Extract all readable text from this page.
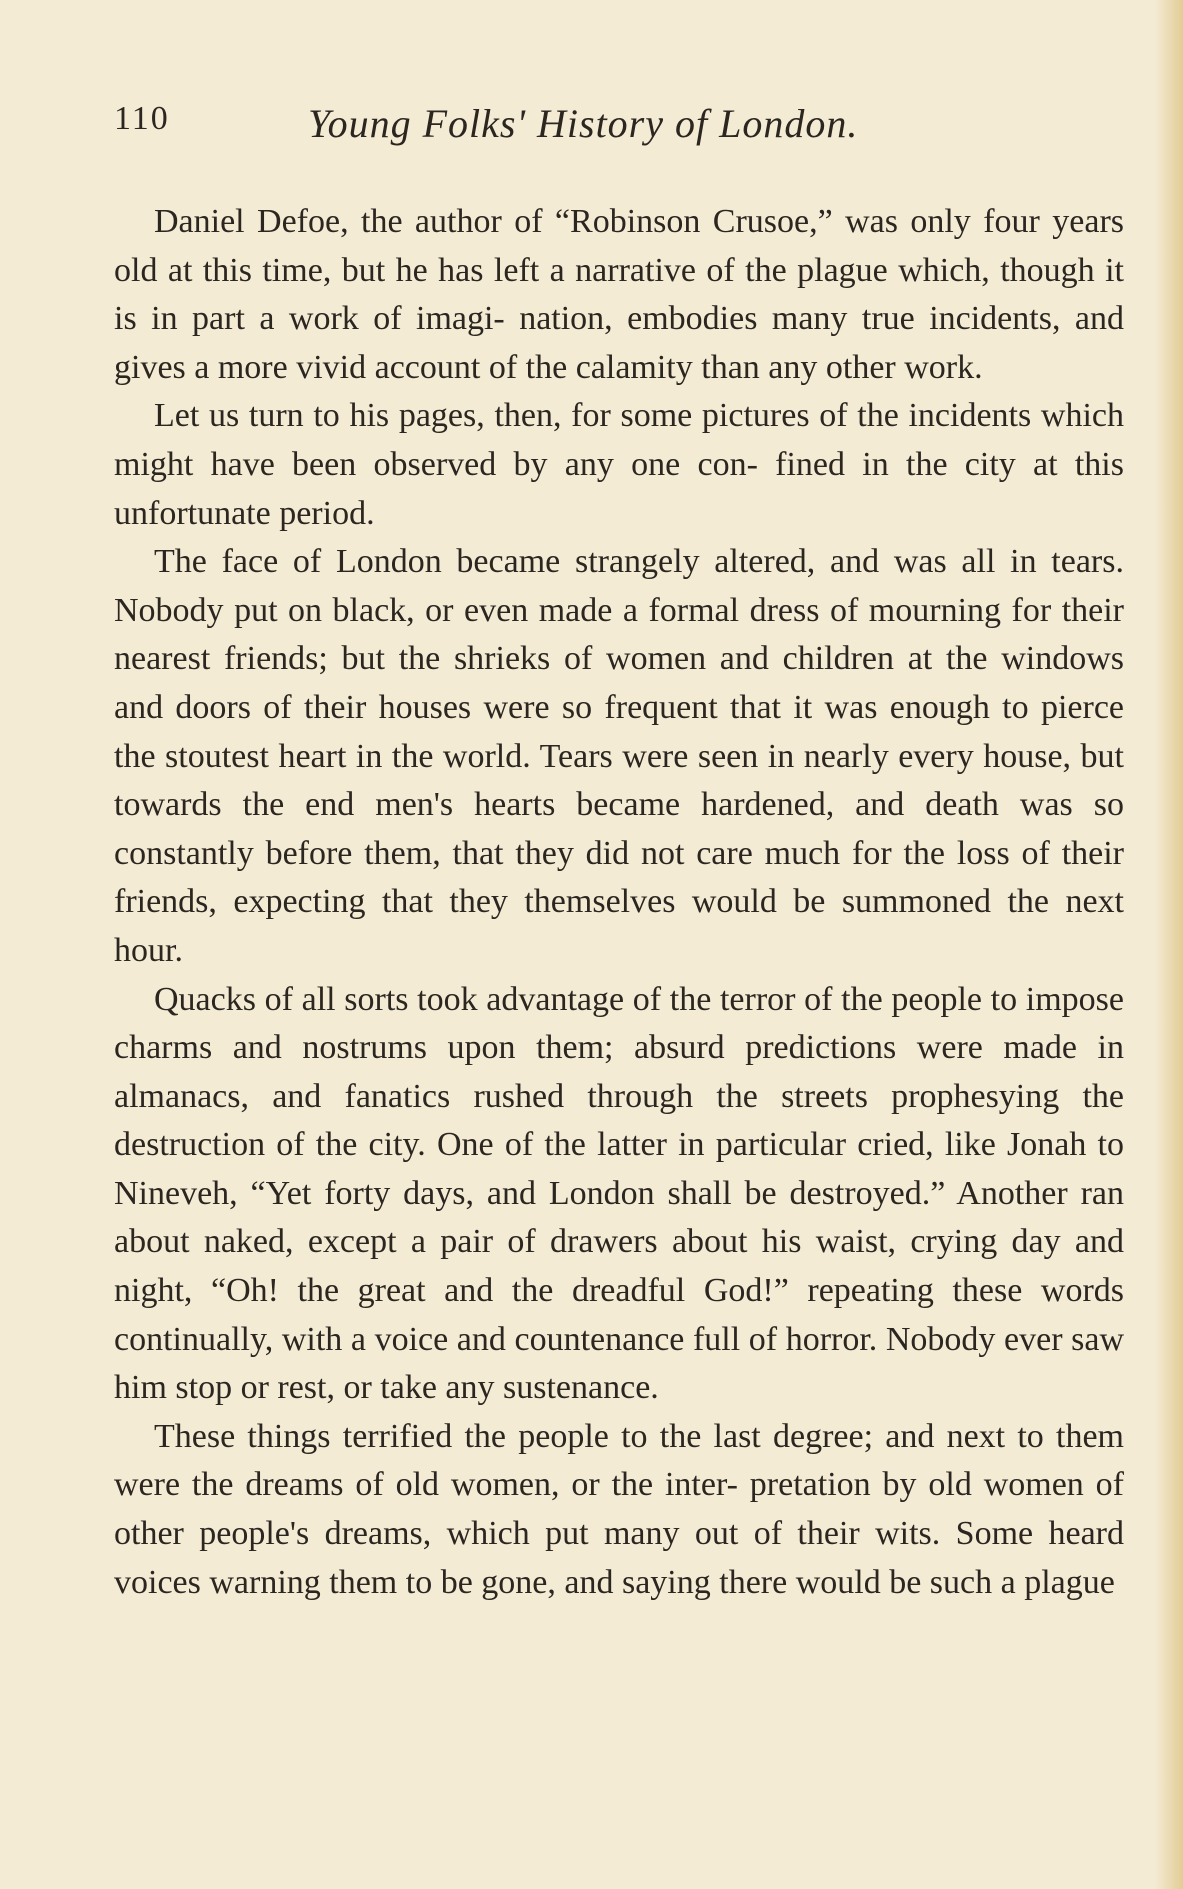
110	Young Folks' History of London.

Daniel Defoe, the author of “Robinson Crusoe,” was only four years old at this time, but he has left a narrative of the plague which, though it is in part a work of imagi- nation, embodies many true incidents, and gives a more vivid account of the calamity than any other work.

Let us turn to his pages, then, for some pictures of the incidents which might have been observed by any one con- fined in the city at this unfortunate period.

The face of London became strangely altered, and was all in tears. Nobody put on black, or even made a formal dress of mourning for their nearest friends; but the shrieks of women and children at the windows and doors of their houses were so frequent that it was enough to pierce the stoutest heart in the world. Tears were seen in nearly every house, but towards the end men's hearts became hardened, and death was so constantly before them, that they did not care much for the loss of their friends, expecting that they themselves would be summoned the next hour.

Quacks of all sorts took advantage of the terror of the people to impose charms and nostrums upon them; absurd predictions were made in almanacs, and fanatics rushed through the streets prophesying the destruction of the city. One of the latter in particular cried, like Jonah to Nineveh, “Yet forty days, and London shall be destroyed.” Another ran about naked, except a pair of drawers about his waist, crying day and night, “Oh! the great and the dreadful God!” repeating these words continually, with a voice and countenance full of horror. Nobody ever saw him stop or rest, or take any sustenance.

These things terrified the people to the last degree; and next to them were the dreams of old women, or the inter- pretation by old women of other people's dreams, which put many out of their wits. Some heard voices warning them to be gone, and saying there would be such a plague
